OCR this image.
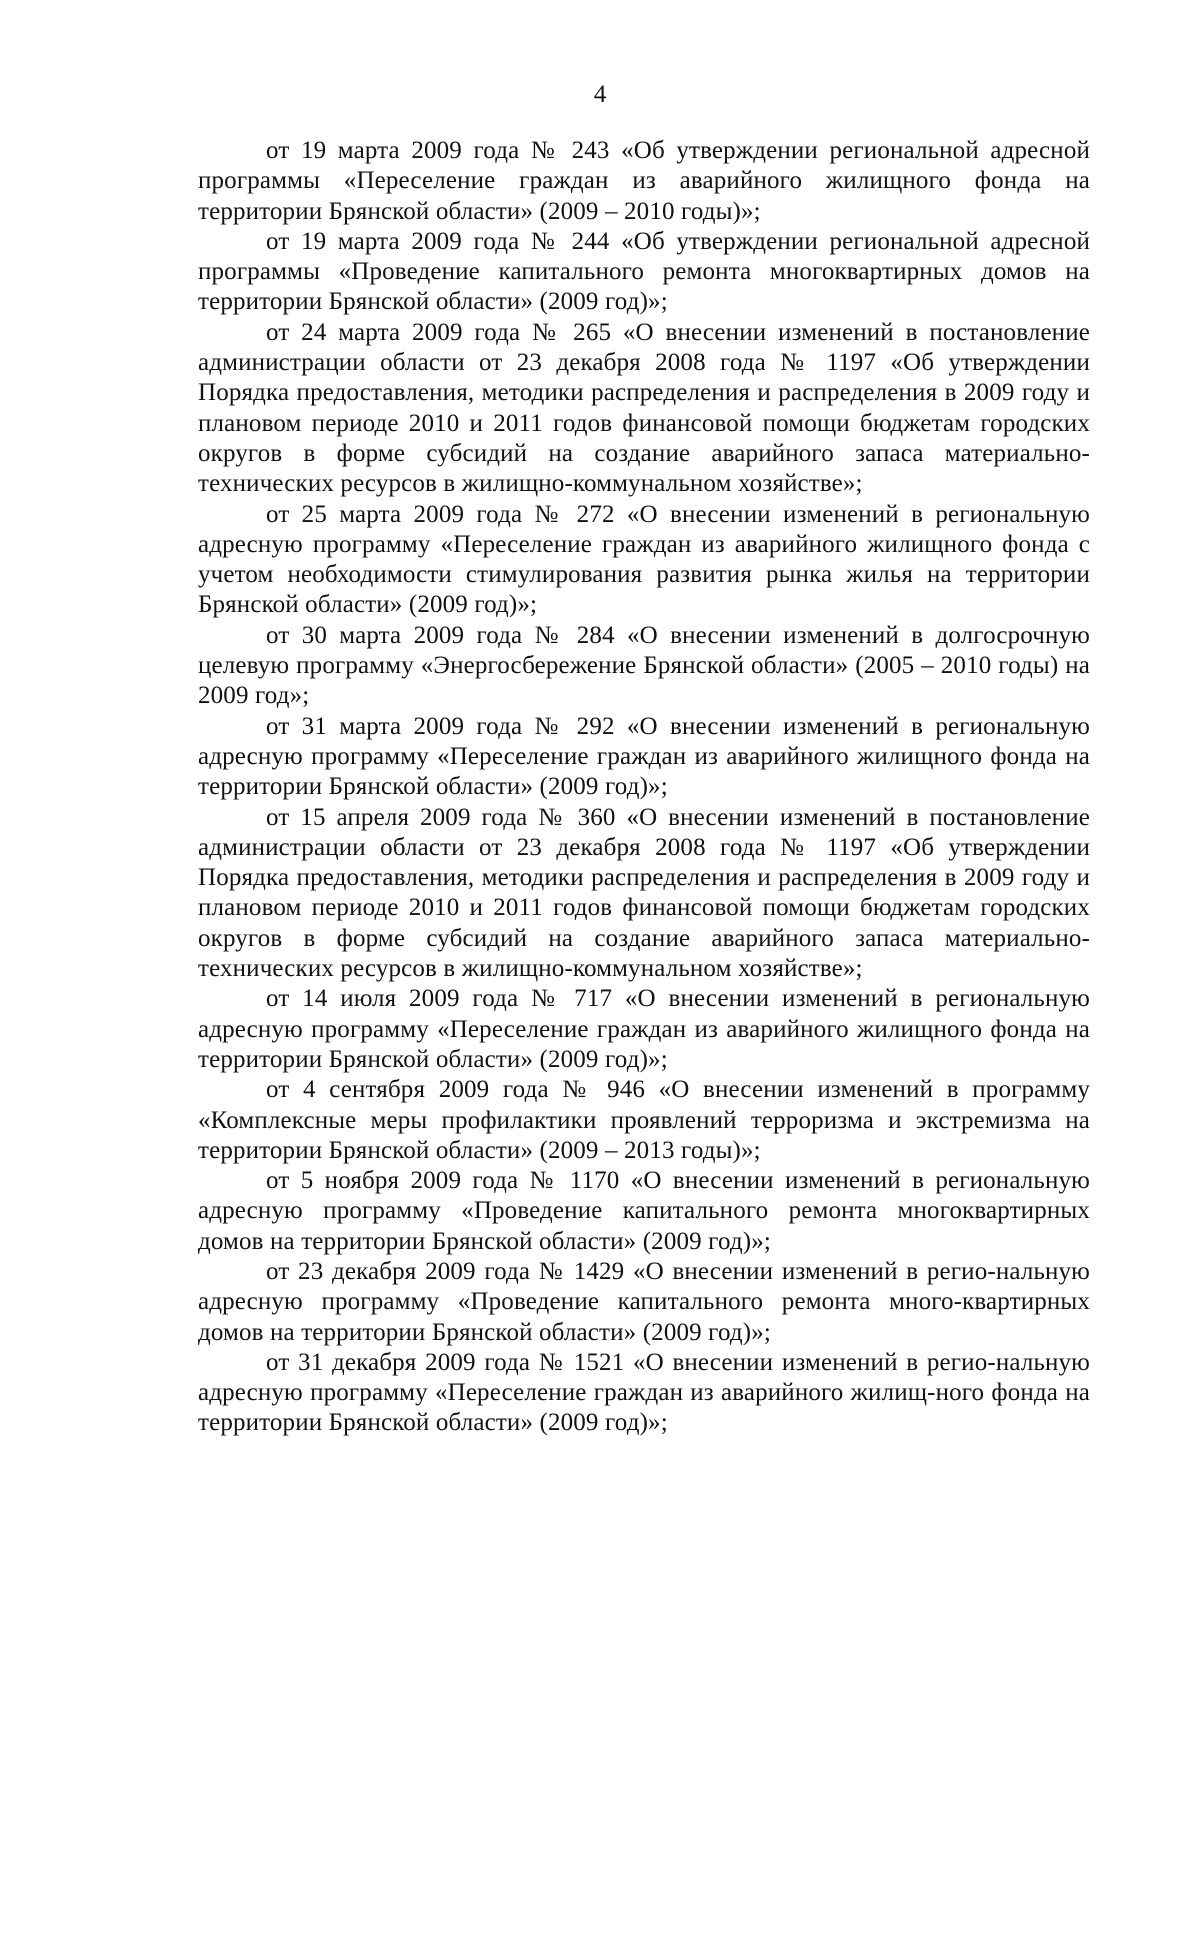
4

от 19 марта 2009 года № 243 «Об утверждении региональной адресной программы «Переселение граждан из аварийного жилищного фонда на территории Брянской области» (2009 – 2010 годы)»;

от 19 марта 2009 года № 244 «Об утверждении региональной адресной программы «Проведение капитального ремонта многоквартирных домов на территории Брянской области» (2009 год)»;

от 24 марта 2009 года № 265 «О внесении изменений в постановление администрации области от 23 декабря 2008 года № 1197 «Об утверждении Порядка предоставления, методики распределения и распределения в 2009 году и плановом периоде 2010 и 2011 годов финансовой помощи бюджетам городских округов в форме субсидий на создание аварийного запаса материально-технических ресурсов в жилищно-коммунальном хозяйстве»;

от 25 марта 2009 года № 272 «О внесении изменений в региональную адресную программу «Переселение граждан из аварийного жилищного фонда с учетом необходимости стимулирования развития рынка жилья на территории Брянской области» (2009 год)»;

от 30 марта 2009 года № 284 «О внесении изменений в долгосрочную целевую программу «Энергосбережение Брянской области» (2005 – 2010 годы) на 2009 год»;

от 31 марта 2009 года № 292 «О внесении изменений в региональную адресную программу «Переселение граждан из аварийного жилищного фонда на территории Брянской области» (2009 год)»;

от 15 апреля 2009 года № 360 «О внесении изменений в постановление администрации области от 23 декабря 2008 года № 1197 «Об утверждении Порядка предоставления, методики распределения и распределения в 2009 году и плановом периоде 2010 и 2011 годов финансовой помощи бюджетам городских округов в форме субсидий на создание аварийного запаса материально-технических ресурсов в жилищно-коммунальном хозяйстве»;

от 14 июля 2009 года № 717 «О внесении изменений в региональную адресную программу «Переселение граждан из аварийного жилищного фонда на территории Брянской области» (2009 год)»;

от 4 сентября 2009 года № 946 «О внесении изменений в программу «Комплексные меры профилактики проявлений терроризма и экстремизма на территории Брянской области» (2009 – 2013 годы)»;

от 5 ноября 2009 года № 1170 «О внесении изменений в региональную адресную программу «Проведение капитального ремонта многоквартирных домов на территории Брянской области» (2009 год)»;

от 23 декабря 2009 года № 1429 «О внесении изменений в регио-нальную адресную программу «Проведение капитального ремонта много-квартирных домов на территории Брянской области» (2009 год)»;

от 31 декабря 2009 года № 1521 «О внесении изменений в регио-нальную адресную программу «Переселение граждан из аварийного жилищ-ного фонда на территории Брянской области» (2009 год)»;
